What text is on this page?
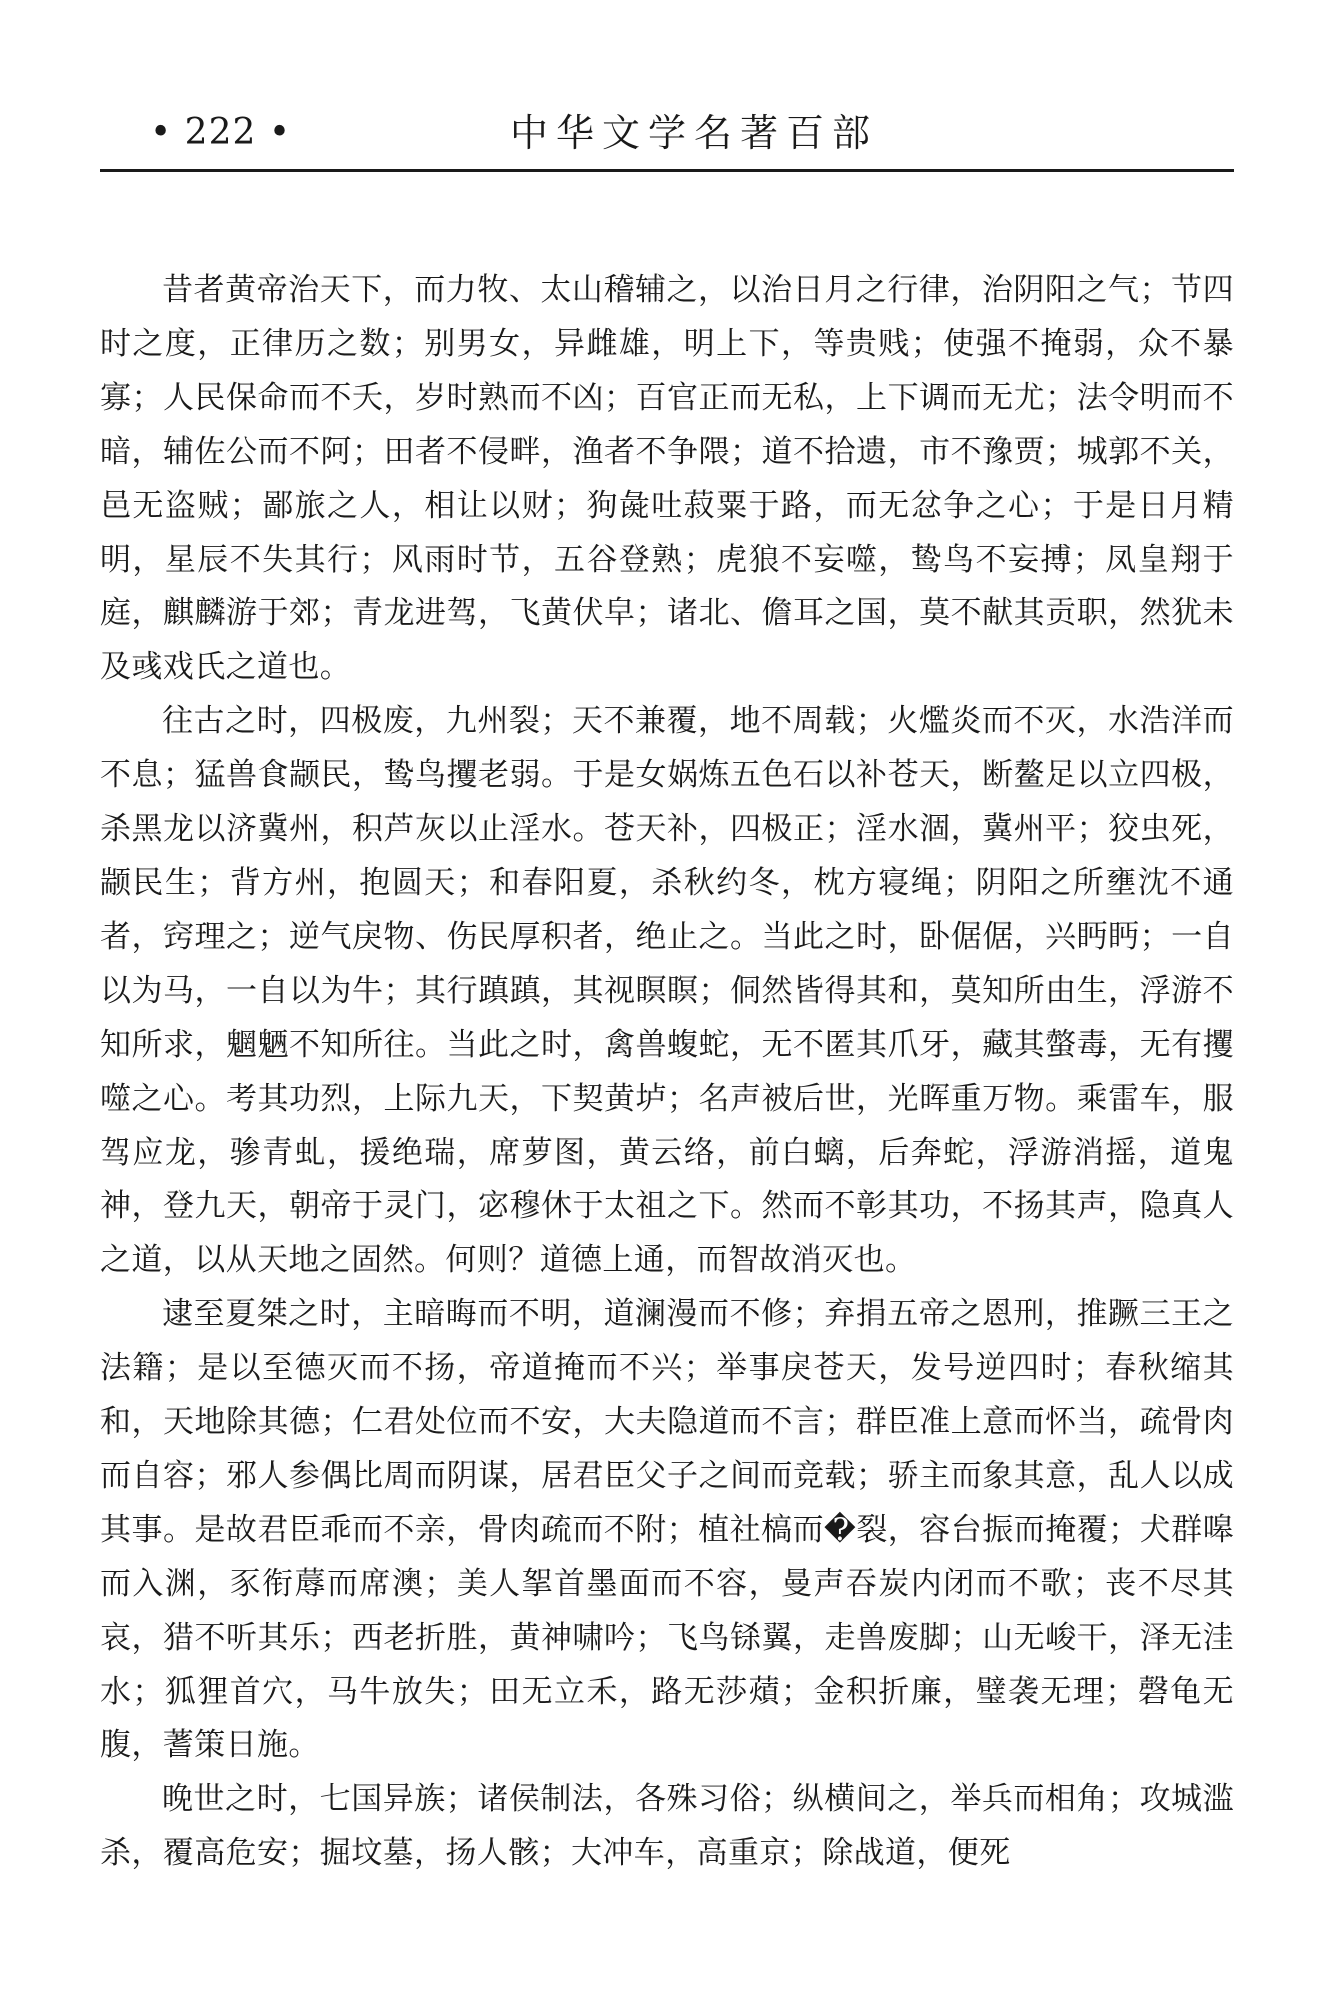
• 222 •	中华文学名著百部

昔者黄帝治天下，而力牧、太山稽辅之，以治日月之行律，治阴阳之气；节四时之度，正律历之数；别男女，异雌雄，明上下，等贵贱；使强不掩弱，众不暴寡；人民保命而不夭，岁时熟而不凶；百官正而无私，上下调而无尤；法令明而不暗，辅佐公而不阿；田者不侵畔，渔者不争隈；道不拾遗，市不豫贾；城郭不关，邑无盗贼；鄙旅之人，相让以财；狗彘吐菽粟于路，而无忿争之心；于是日月精明，星辰不失其行；风雨时节，五谷登熟；虎狼不妄噬，鸷鸟不妄搏；凤皇翔于庭，麒麟游于郊；青龙进驾，飞黄伏皁；诸北、儋耳之国，莫不献其贡职，然犹未及彧戏氏之道也。

往古之时，四极废，九州裂；天不兼覆，地不周载；火爁炎而不灭，水浩洋而不息；猛兽食颛民，鸷鸟攫老弱。于是女娲炼五色石以补苍天，断鳌足以立四极，杀黑龙以济冀州，积芦灰以止淫水。苍天补，四极正；淫水涸，冀州平；狡虫死，颛民生；背方州，抱圆天；和春阳夏，杀秋约冬，枕方寝绳；阴阳之所壅沈不通者，窍理之；逆气戾物、伤民厚积者，绝止之。当此之时，卧倨倨，兴眄眄；一自以为马，一自以为牛；其行蹎蹎，其视瞑瞑；侗然皆得其和，莫知所由生，浮游不知所求，魍魉不知所往。当此之时，禽兽蝮蛇，无不匿其爪牙，藏其螫毒，无有攫噬之心。考其功烈，上际九天，下契黄垆；名声被后世，光晖重万物。乘雷车，服驾应龙，骖青虬，援绝瑞，席萝图，黄云络，前白螭，后奔蛇，浮游消摇，道鬼神，登九天，朝帝于灵门，宓穆休于太祖之下。然而不彰其功，不扬其声，隐真人之道，以从天地之固然。何则？道德上通，而智故消灭也。

逮至夏桀之时，主暗晦而不明，道澜漫而不修；弃捐五帝之恩刑，推蹶三王之法籍；是以至德灭而不扬，帝道掩而不兴；举事戾苍天，发号逆四时；春秋缩其和，天地除其德；仁君处位而不安，大夫隐道而不言；群臣准上意而怀当，疏骨肉而自容；邪人参偶比周而阴谋，居君臣父子之间而竞载；骄主而象其意，乱人以成其事。是故君臣乖而不亲，骨肉疏而不附；植社槁而�裂，容台振而掩覆；犬群嗥而入渊，豕衔蓐而席澳；美人挐首墨面而不容，曼声吞炭内闭而不歌；丧不尽其哀，猎不听其乐；西老折胜，黄神啸吟；飞鸟铩翼，走兽废脚；山无峻干，泽无洼水；狐狸首穴，马牛放失；田无立禾，路无莎薠；金积折廉，璧袭无理；磬龟无腹，蓍策日施。

晚世之时，七国异族；诸侯制法，各殊习俗；纵横间之，举兵而相角；攻城滥杀，覆高危安；掘坟墓，扬人骸；大冲车，高重京；除战道，便死
